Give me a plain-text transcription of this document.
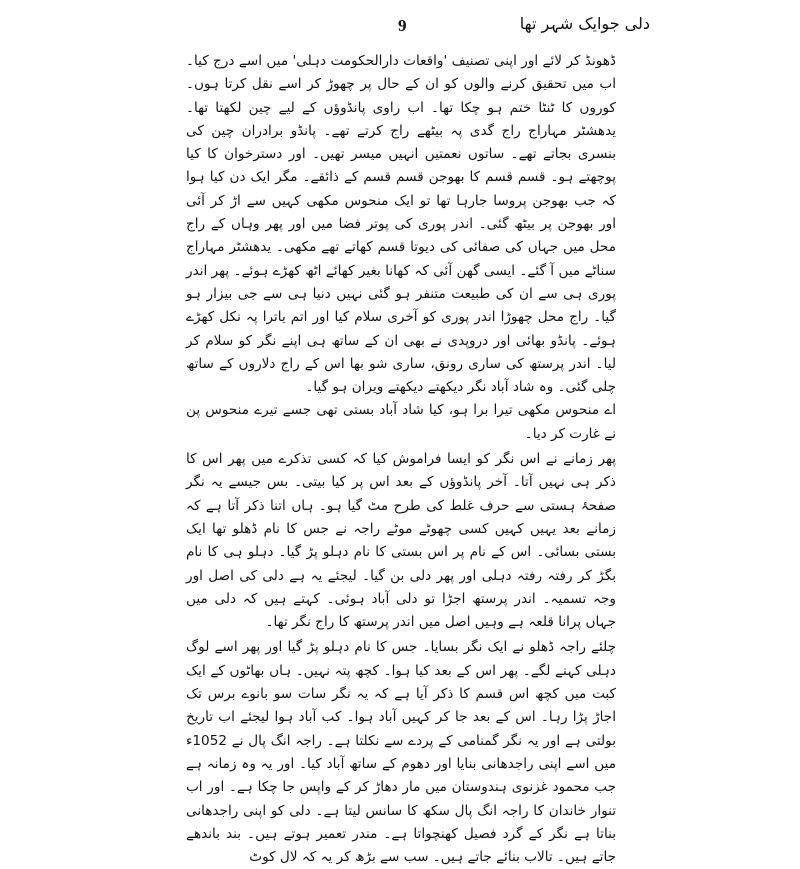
9	دلی جوایک شہر تھا

ڈھونڈ کر لائے اور اپنی تصنیف 'واقعات دارالحکومت دہلی' میں اسے درج کیا۔ اب میں تحقیق کرنے والوں کو ان کے حال پر چھوڑ کر اسے نقل کرتا ہوں۔ کوروں کا ٹنٹا ختم ہو چکا تھا۔ اب راوی پانڈوؤں کے لیے چین لکھتا تھا۔ یدھشٹر مہاراج راج گدی پہ بیٹھے راج کرتے تھے۔ پانڈو برادران چین کی بنسری بجاتے تھے۔ ساتوں نعمتیں انہیں میسر تھیں۔ اور دسترخوان کا کیا پوچھتے ہو۔ قسم قسم کا بھوجن قسم قسم کے ذائقے۔ مگر ایک دن کیا ہوا کہ جب بھوجن پروسا جارہا تھا تو ایک منحوس مکھی کہیں سے اڑ کر آئی اور بھوجن پر بیٹھ گئی۔ اندر پوری کی پوتر فضا میں اور پھر وہاں کے راج محل میں جہاں کی صفائی کی دیوتا قسم کھاتے تھے مکھی۔ یدھشٹر مہاراج سناٹے میں آ گئے۔ ایسی گھن آئی کہ کھانا بغیر کھائے اٹھ کھڑے ہوئے۔ پھر اندر پوری ہی سے ان کی طبیعت متنفر ہو گئی نہیں دنیا ہی سے جی بیزار ہو گیا۔ راج محل چھوڑا اندر پوری کو آخری سلام کیا اور اتم یاترا پہ نکل کھڑے ہوئے۔ پانڈو بھائی اور دروپدی نے بھی ان کے ساتھ ہی اپنے نگر کو سلام کر لیا۔ اندر پرستھ کی ساری رونق، ساری شو بھا اس کے راج دلاروں کے ساتھ چلی گئی۔ وہ شاد آباد نگر دیکھتے دیکھتے ویران ہو گیا۔

اے منحوس مکھی تیرا برا ہو، کیا شاد آباد بستی تھی جسے تیرے منحوس پن نے غارت کر دیا۔

پھر زمانے نے اس نگر کو ایسا فراموش کیا کہ کسی تذکرے میں پھر اس کا ذکر ہی نہیں آتا۔ آخر پانڈوؤں کے بعد اس پر کیا بیتی۔ بس جیسے یہ نگر صفحۂ ہستی سے حرف غلط کی طرح مٹ گیا ہو۔ ہاں اتنا ذکر آتا ہے کہ زمانے بعد یہیں کہیں کسی چھوٹے موٹے راجہ نے جس کا نام ڈھلو تھا ایک بستی بسائی۔ اس کے نام پر اس بستی کا نام دہلو پڑ گیا۔ دہلو ہی کا نام بگڑ کر رفتہ رفتہ دہلی اور پھر دلی بن گیا۔ لیجئے یہ ہے دلی کی اصل اور وجہ تسمیہ۔ اندر پرستھ اجڑا تو دلی آباد ہوئی۔ کہتے ہیں کہ دلی میں جہاں پرانا قلعہ ہے وہیں اصل میں اندر پرستھ کا راج نگر تھا۔

چلئے راجہ ڈھلو نے ایک نگر بسایا۔ جس کا نام دہلو پڑ گیا اور پھر اسے لوگ دہلی کہنے لگے۔ پھر اس کے بعد کیا ہوا۔ کچھ پتہ نہیں۔ ہاں بھاٹوں کے ایک کبت میں کچھ اس قسم کا ذکر آیا ہے کہ یہ نگر سات سو بانوے برس تک اجاڑ پڑا رہا۔ اس کے بعد جا کر کہیں آباد ہوا۔ کب آباد ہوا لیجئے اب تاریخ بولتی ہے اور یہ نگر گمنامی کے پردے سے نکلتا ہے۔ راجہ انگ پال نے 1052ء میں اسے اپنی راجدھانی بنایا اور دھوم کے ساتھ آباد کیا۔ اور یہ وہ زمانہ ہے جب محمود غزنوی ہندوستان میں مار دھاڑ کر کے واپس جا چکا ہے۔ اور اب تنوار خاندان کا راجہ انگ پال سکھ کا سانس لیتا ہے۔ دلی کو اپنی راجدھانی بناتا ہے نگر کے گرد فصیل کھنچواتا ہے۔ مندر تعمیر ہوتے ہیں۔ بند باندھے جاتے ہیں۔ تالاب بنائے جاتے ہیں۔ سب سے بڑھ کر یہ کہ لال کوٹ
